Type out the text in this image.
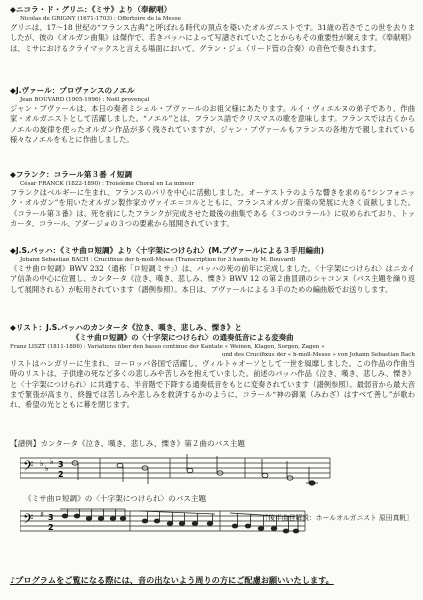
◆ニコラ・ド・グリニ：《ミサ》より（奉献唱）
Nicolas de GRIGNY (1671-1703) : Offertoire de la Messe
グリニは、17～18 世紀の“フランス古典”と呼ばれる時代の頂点を築いたオルガニストです。31歳の若さでこの世を去りましたが、彼の《オルガン曲集》は傑作で、若きバッハによって写譜されていたことからもその重要性が窺えます。《奉献唱》は、ミサにおけるクライマックスと言える場面において、グラン・ジュ（リード管の合奏）の音色で奏されます。
◆J.ヴァール：プロヴァンスのノエル
Jean BOUVARD (1905-1996) : Noël provençal
ジャン・ブヴァールは、本日の奏者ミシェル・ブヴァールのお祖父様にあたります。ルイ・ヴィエルヌの弟子であり、作曲家・オルガニストとして活躍しました。“ノエル”とは、フランス語でクリスマスの歌を意味します。フランスでは古くからノエルの旋律を使ったオルガン作品が多く残されていますが、ジャン・ブヴァールもフランスの各地方で親しまれている様々なノエルをもとに作曲しました。
◆フランク：コラール第３番 イ短調
César FRANCK (1822-1890) : Troisième Choral en La mineur
フランクはベルギーに生まれ、フランスのパリを中心に活動しました。オーケストラのような響きを求める“シンフォニック・オルガン”を用いたオルガン製作家カヴァイエ＝コルとともに、フランスオルガン音楽の発展に大きく貢献しました。《コラール第３番》は、死を前にしたフランクが完成させた最後の曲集である《３つのコラール》に収められており、トッカータ、コラール、アダージョの３つの要素から展開されています。
◆J.S.バッハ：《ミサ曲ロ短調》より〈十字架につけられ〉(M.ブヴァールによる３手用編曲)
Johann Sebastian BACH : Crucifixus der h-moll-Messe (Transcription for 3 hands by M. Bouvard)
《ミサ曲ロ短調》BWV 232（通称「ロ短調ミサ」）は、バッハの死の前年に完成しました。〈十字架につけられ〉はニカイア信条の中心に位置し、カンタータ《泣き、嘆き、悲しみ、慄き》BWV 12 の第２曲冒頭のシャコンヌ（バス主題を繰り返して展開される）が転用されています（譜例参照）。本日は、ブヴァールによる３手のための編曲版でお送りします。
◆リスト：J.S.バッハのカンタータ《泣き、嘆き、悲しみ、慄き》と
《ミサ曲ロ短調》の〈十字架につけられ〉の通奏低音による変奏曲
Franz LISZT (1811-1886) : Variations über den basso continuo der Kantate « Weinen, Klagen, Sorgen, Zagen »
und des Crucifixus der « h-moll-Messe » von Johann Sebastian Bach
リストはハンガリーに生まれ、ヨーロッパ各国で活躍し、ヴィルトゥオーソとして一世を風靡しました。この作品の作曲当時のリストは、子供達の死など多くの悲しみや苦しみを抱えていました。前述のバッハ作品《泣き、嘆き、悲しみ、慄き》と〈十字架につけられ〉に共通する、半音階で下降する通奏低音をもとに変奏されています（譜例参照）。最弱音から最大音まで緊張が高まり、終盤では苦しみや悲しみを救済するかのように、コラール“神の御業（みわざ）はすべて善し”が歌われ、希望の光とともに幕を閉じます。
【譜例】カンタータ《泣き、嘆き、悲しみ、慄き》第２曲のバス主題
𝄢 ♭
♭
♭ 3
2
《ミサ曲ロ短調》の〈十字架につけられ〉のバス主題
𝄢 ♯ 3
2
［後半曲目解説：ホールオルガニスト 原田真帆］
♪プログラムをご覧になる際には、音の出ないよう周りの方にご配慮お願いいたします。
